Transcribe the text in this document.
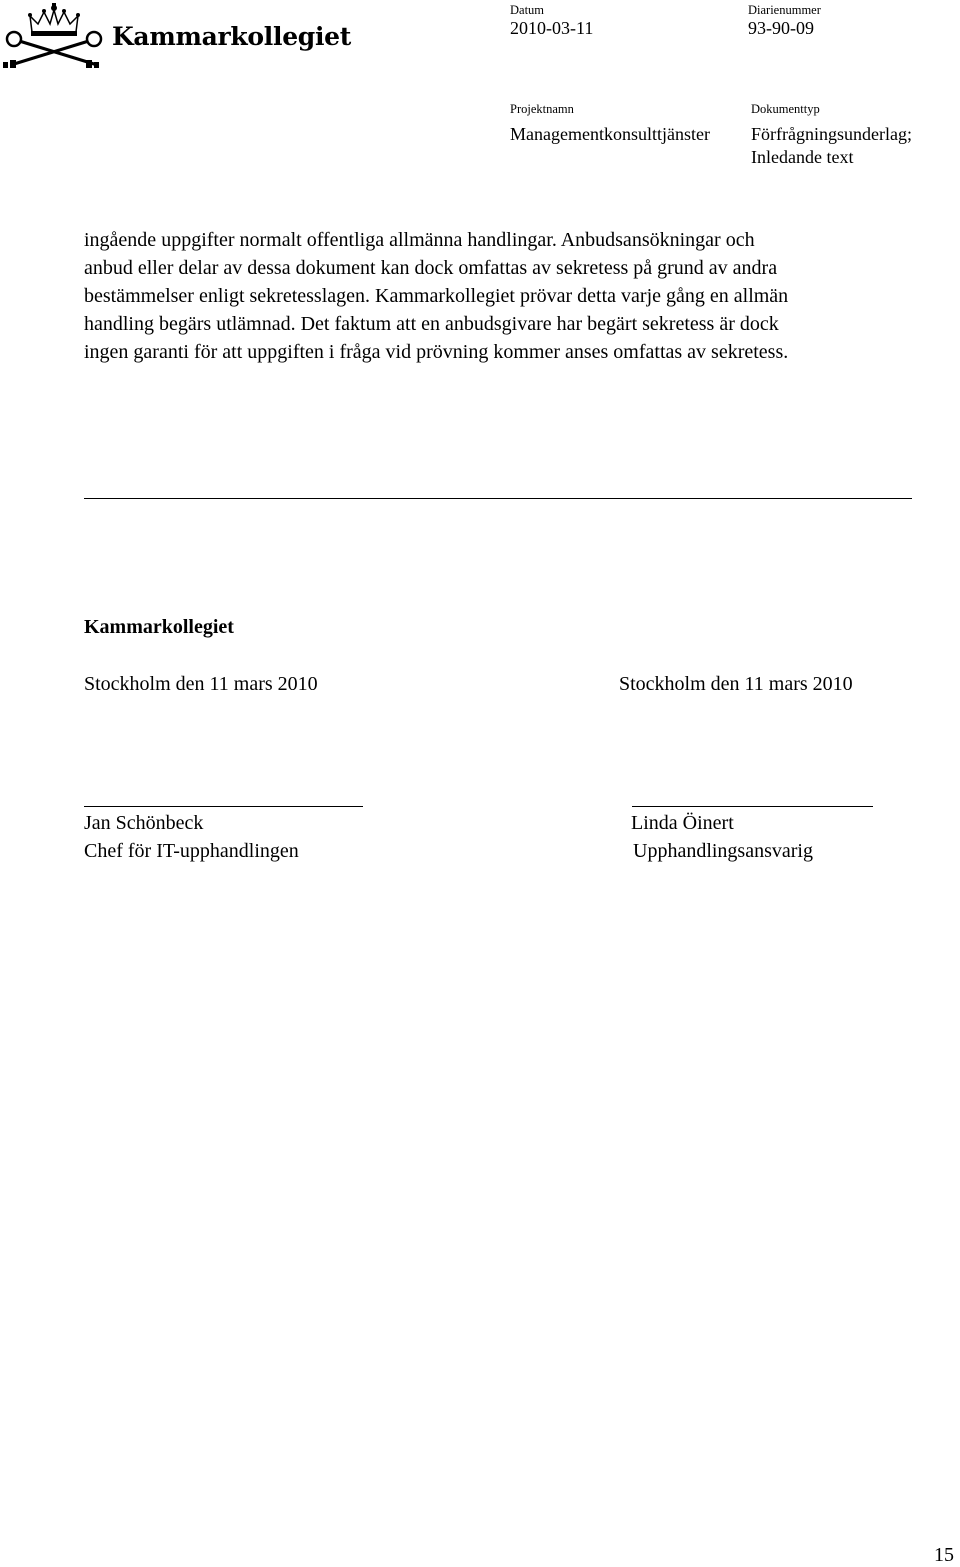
Kammarkollegiet
Datum
2010-03-11
Diarienummer
93-90-09
Projektnamn
Managementkonsulttjänster
Dokumenttyp
Förfrågningsunderlag;
Inledande text
ingående uppgifter normalt offentliga allmänna handlingar. Anbudsansökningar och
anbud eller delar av dessa dokument kan dock omfattas av sekretess på grund av andra
bestämmelser enligt sekretesslagen. Kammarkollegiet prövar detta varje gång en allmän
handling begärs utlämnad. Det faktum att en anbudsgivare har begärt sekretess är dock
ingen garanti för att uppgiften i fråga vid prövning kommer anses omfattas av sekretess.
Kammarkollegiet
Stockholm den 11 mars 2010	Stockholm den 11 mars 2010
Jan Schönbeck
Chef för IT-upphandlingen
Linda Öinert
Upphandlingsansvarig
15
